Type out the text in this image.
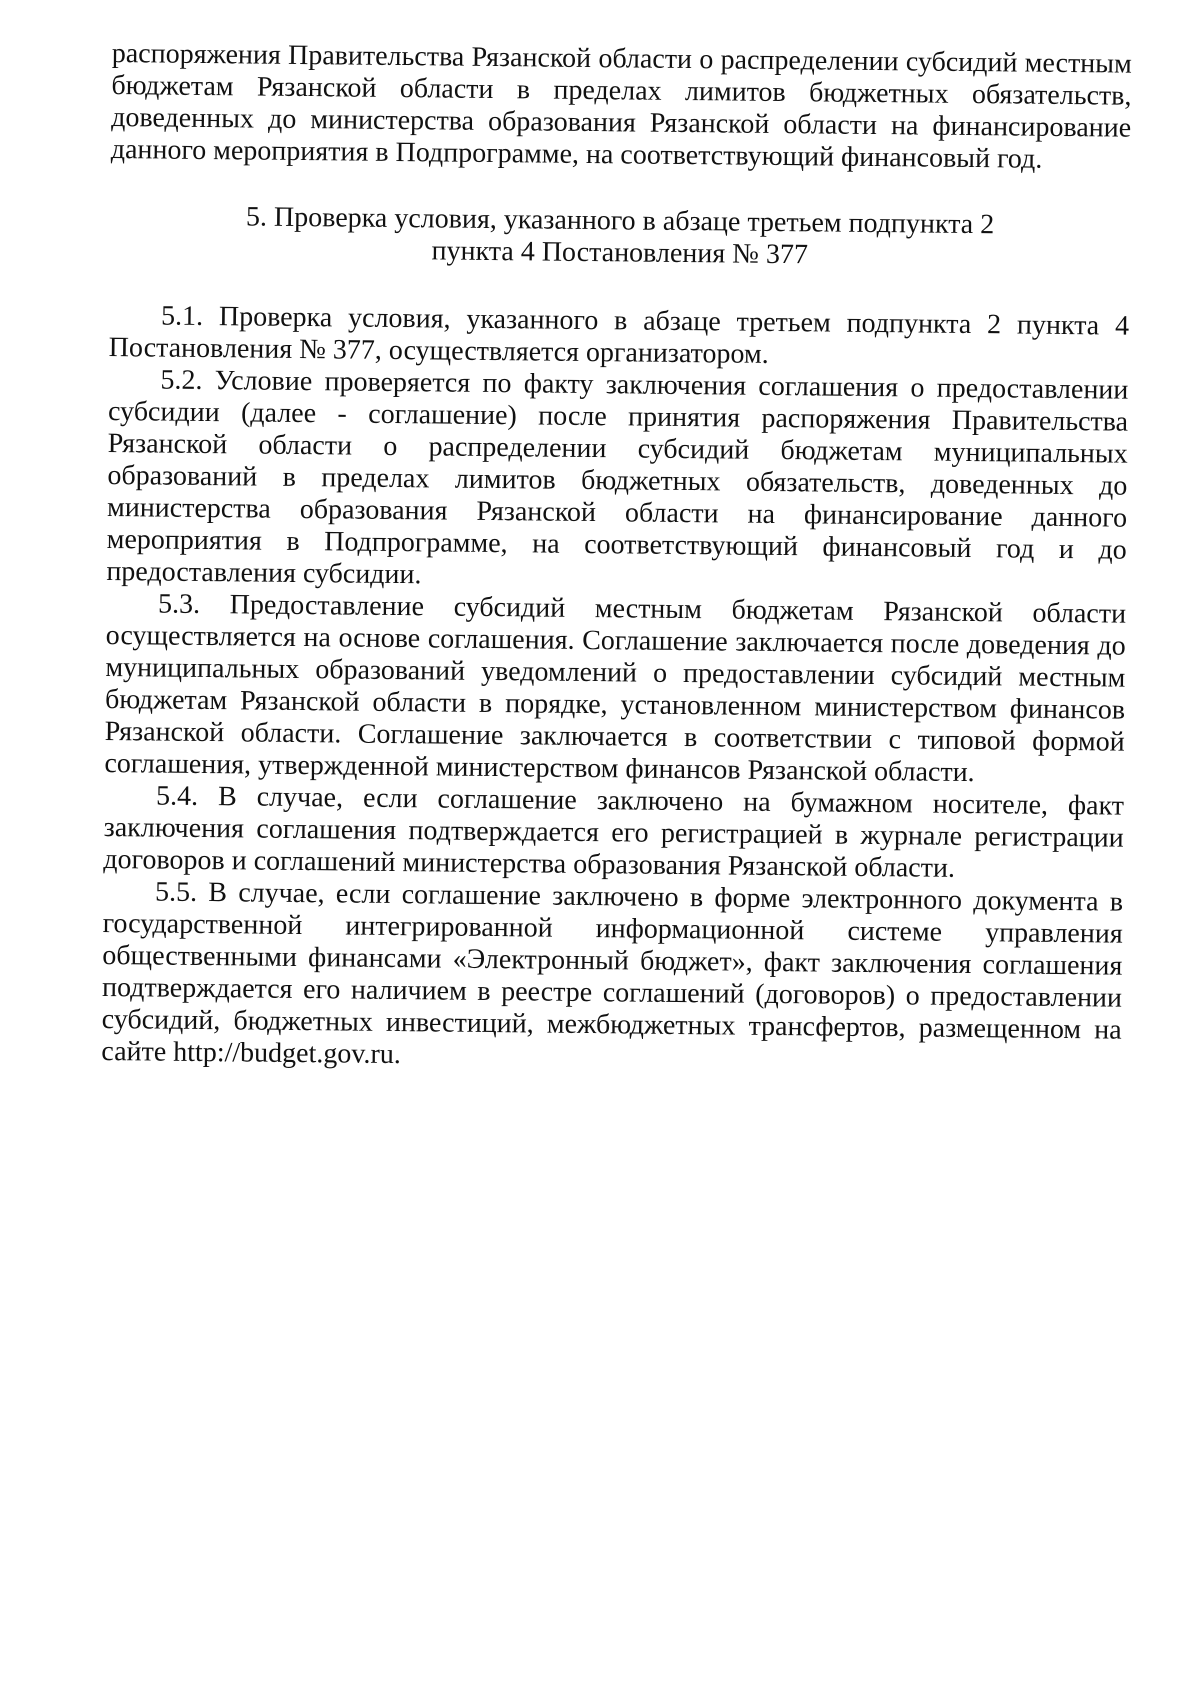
распоряжения Правительства Рязанской области о распределении субсидий местным бюджетам Рязанской области в пределах лимитов бюджетных обязательств, доведенных до министерства образования Рязанской области на финансирование данного мероприятия в Подпрограмме, на соответствующий финансовый год.

5. Проверка условия, указанного в абзаце третьем подпункта 2
пункта 4 Постановления № 377

5.1. Проверка условия, указанного в абзаце третьем подпункта 2 пункта 4 Постановления № 377, осуществляется организатором.

5.2. Условие проверяется по факту заключения соглашения о предоставлении субсидии (далее - соглашение) после принятия распоряжения Правительства Рязанской области о распределении субсидий бюджетам муниципальных образований в пределах лимитов бюджетных обязательств, доведенных до министерства образования Рязанской области на финансирование данного мероприятия в Подпрограмме, на соответствующий финансовый год и до предоставления субсидии.

5.3. Предоставление субсидий местным бюджетам Рязанской области осуществляется на основе соглашения. Соглашение заключается после доведения до муниципальных образований уведомлений о предоставлении субсидий местным бюджетам Рязанской области в порядке, установленном министерством финансов Рязанской области. Соглашение заключается в соответствии с типовой формой соглашения, утвержденной министерством финансов Рязанской области.

5.4. В случае, если соглашение заключено на бумажном носителе, факт заключения соглашения подтверждается его регистрацией в журнале регистрации договоров и соглашений министерства образования Рязанской области.

5.5. В случае, если соглашение заключено в форме электронного документа в государственной интегрированной информационной системе управления общественными финансами «Электронный бюджет», факт заключения соглашения подтверждается его наличием в реестре соглашений (договоров) о предоставлении субсидий, бюджетных инвестиций, межбюджетных трансфертов, размещенном на сайте http://budget.gov.ru.
